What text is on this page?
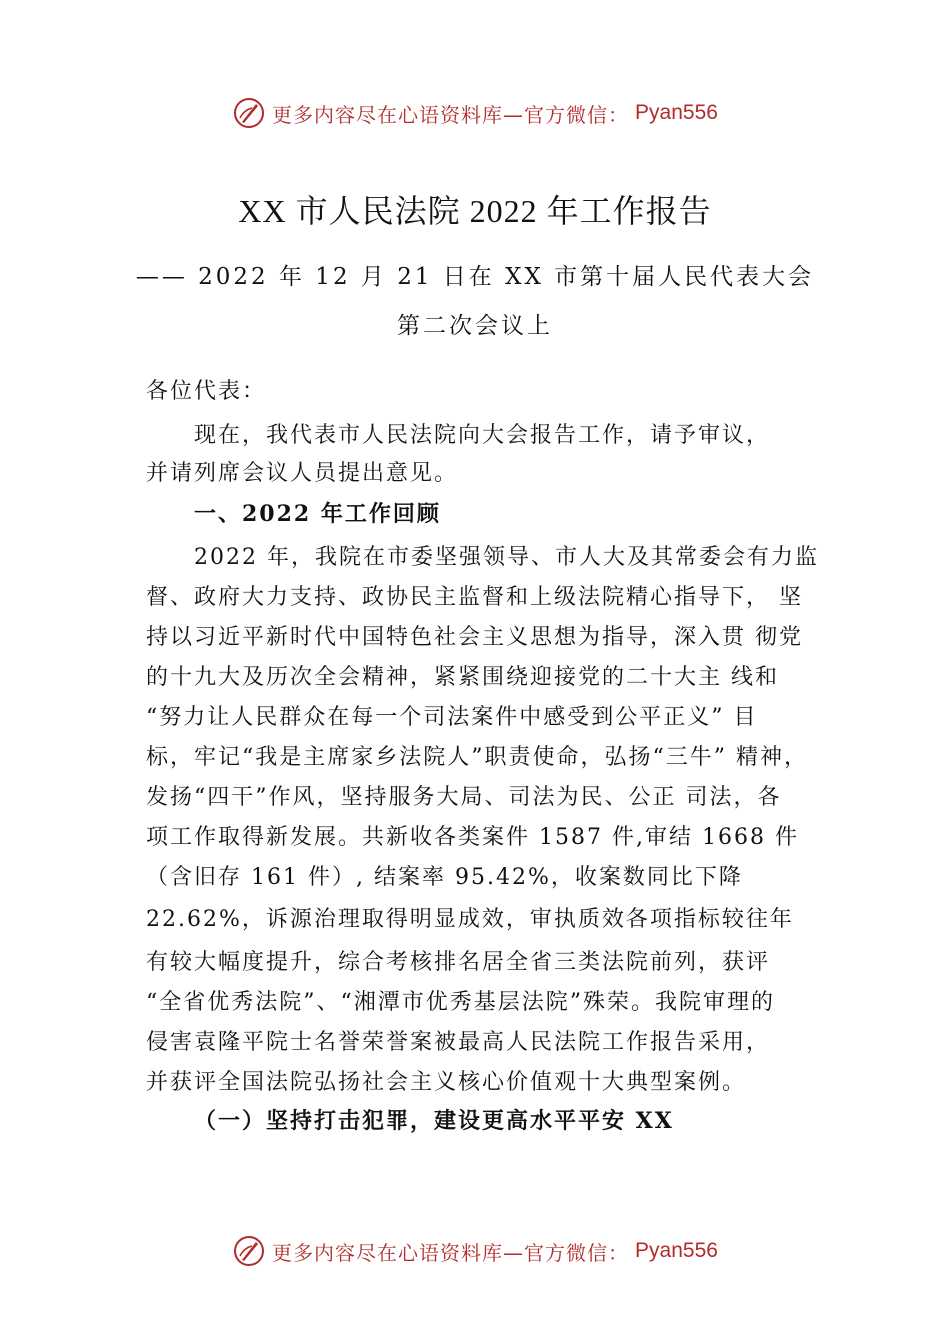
更多内容尽在心语资料库—官方微信： Pyan556
XX 市人民法院 2022 年工作报告
—— 2022 年 12 月 21 日在 XX 市第十届人民代表大会
第二次会议上
各位代表：
现在，我代表市人民法院向大会报告工作，请予审议，
并请列席会议人员提出意见。
一、2022 年工作回顾
2022 年，我院在市委坚强领导、市人大及其常委会有力监
督、政府大力支持、政协民主监督和上级法院精心指导下， 坚
持以习近平新时代中国特色社会主义思想为指导，深入贯 彻党
的十九大及历次全会精神，紧紧围绕迎接党的二十大主 线和
“努力让人民群众在每一个司法案件中感受到公平正义” 目
标，牢记“我是主席家乡法院人”职责使命，弘扬“三牛” 精神，
发扬“四干”作风，坚持服务大局、司法为民、公正 司法，各
项工作取得新发展。共新收各类案件 1587 件,审结 1668 件
（含旧存 161 件）, 结案率 95.42%，收案数同比下降
22.62%，诉源治理取得明显成效，审执质效各项指标较往年
有较大幅度提升，综合考核排名居全省三类法院前列，获评
“全省优秀法院”、“湘潭市优秀基层法院”殊荣。我院审理的
侵害袁隆平院士名誉荣誉案被最高人民法院工作报告采用，
并获评全国法院弘扬社会主义核心价值观十大典型案例。
（一）坚持打击犯罪，建设更高水平平安 XX
更多内容尽在心语资料库—官方微信： Pyan556
